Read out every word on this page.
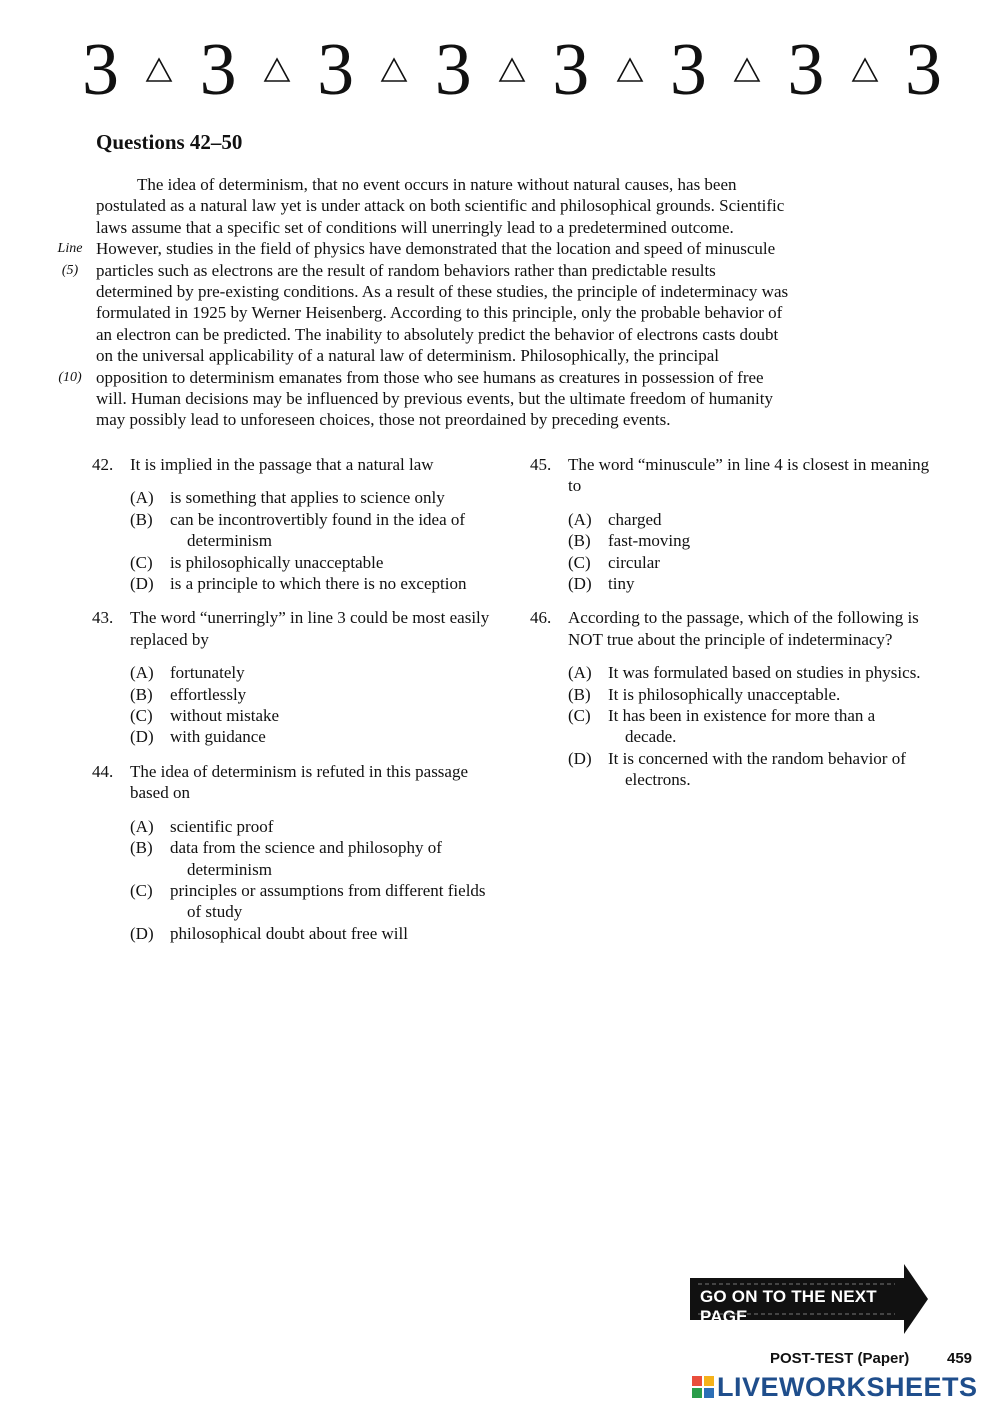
3 3 3 3 3 3 3 3
Questions 42–50
The idea of determinism, that no event occurs in nature without natural causes, has been
postulated as a natural law yet is under attack on both scientific and philosophical grounds. Scientific
laws assume that a specific set of conditions will unerringly lead to a predetermined outcome.
Line However, studies in the field of physics have demonstrated that the location and speed of minuscule
(5)	particles such as electrons are the result of random behaviors rather than predictable results
determined by pre-existing conditions. As a result of these studies, the principle of indeterminacy was
formulated in 1925 by Werner Heisenberg. According to this principle, only the probable behavior of
an electron can be predicted. The inability to absolutely predict the behavior of electrons casts doubt
on the universal applicability of a natural law of determinism. Philosophically, the principal
(10) opposition to determinism emanates from those who see humans as creatures in possession of free
will. Human decisions may be influenced by previous events, but the ultimate freedom of humanity
may possibly lead to unforeseen choices, those not preordained by preceding events.
42. It is implied in the passage that a natural law
(A) is something that applies to science only
(B)	can be incontrovertibly found in the idea of determinism
(C)	is philosophically unacceptable
(D) is a principle to which there is no exception
43. The word “unerringly” in line 3 could be most easily replaced by
(A) fortunately
(B)	effortlessly
(C)	without mistake
(D) with guidance
44. The idea of determinism is refuted in this passage based on
(A) scientific proof
(B)	data from the science and philosophy of determinism
(C)	principles or assumptions from different fields of study
(D) philosophical doubt about free will
45. The word “minuscule” in line 4 is closest in meaning to
(A) charged
(B)	fast-moving
(C)	circular
(D) tiny
46. According to the passage, which of the following is NOT true about the principle of indeterminacy?
(A) It was formulated based on studies in physics.
(B)	It is philosophically unacceptable.
(C)	It has been in existence for more than a decade.
(D) It is concerned with the random behavior of electrons.
GO ON TO THE NEXT PAGE
POST-TEST (Paper)	459
LIVEWORKSHEETS
